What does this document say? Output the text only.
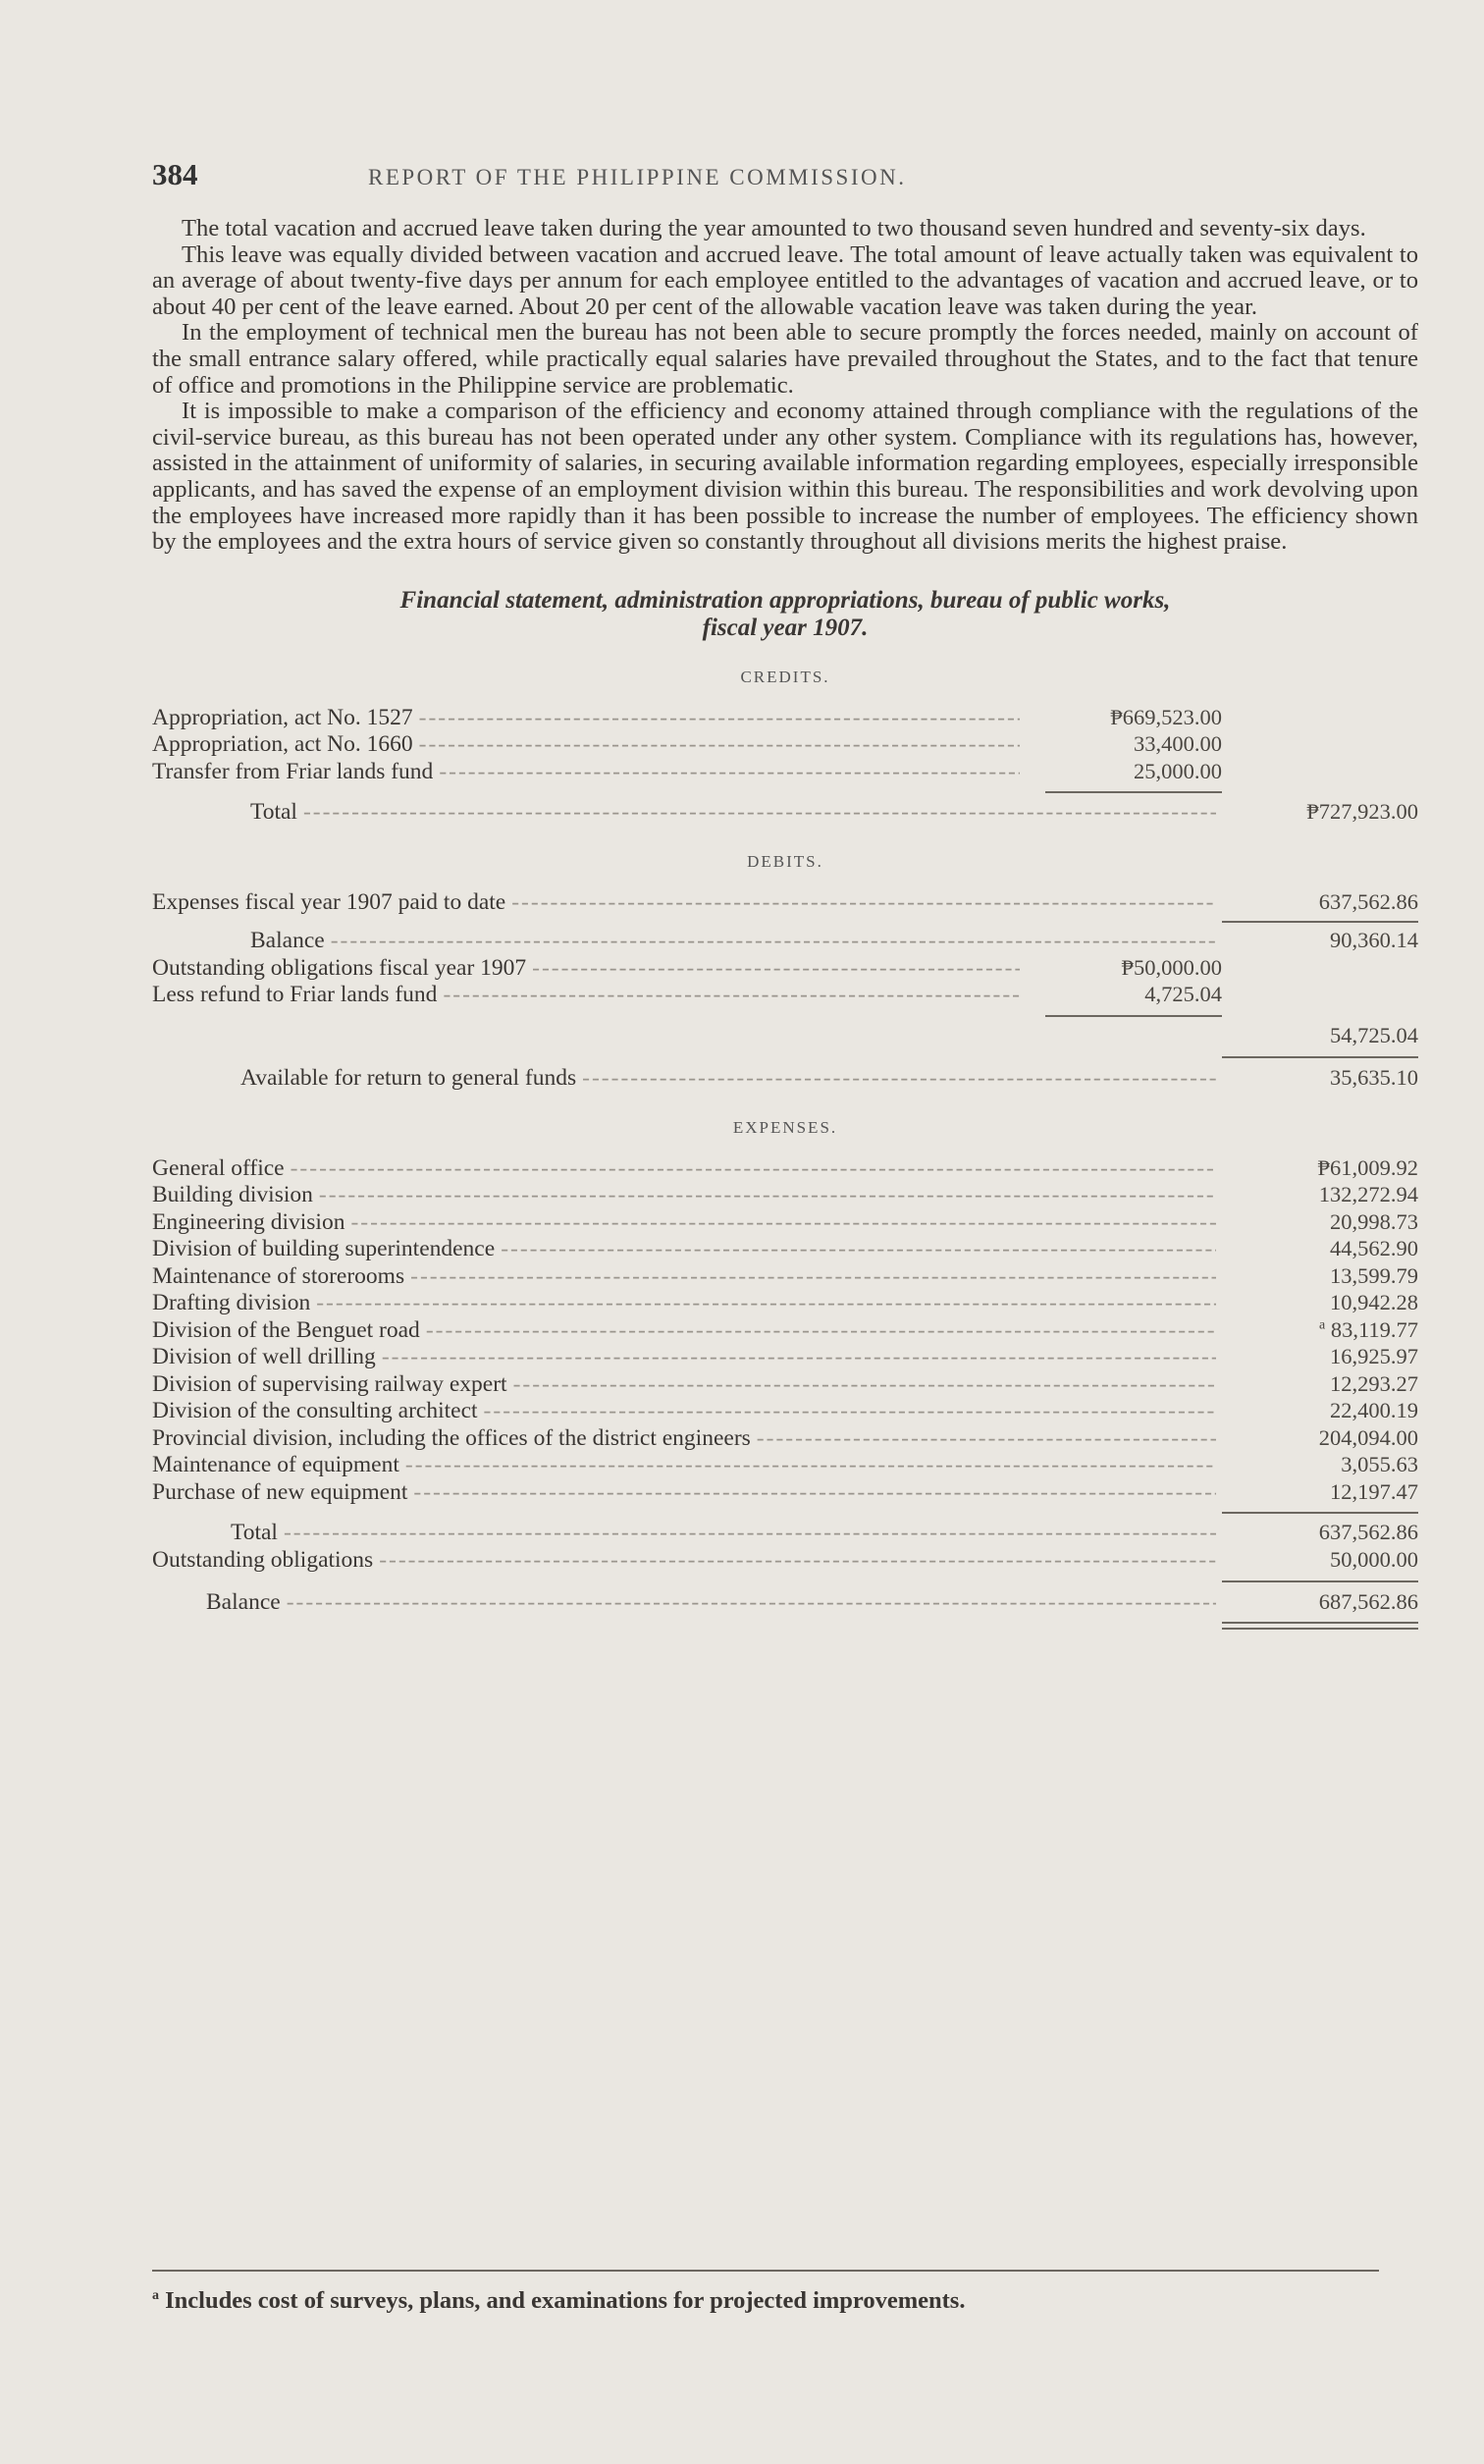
384	REPORT OF THE PHILIPPINE COMMISSION.

The total vacation and accrued leave taken during the year amounted to two thousand seven hundred and seventy-six days.

This leave was equally divided between vacation and accrued leave. The total amount of leave actually taken was equivalent to an average of about twenty-five days per annum for each employee entitled to the advantages of vacation and accrued leave, or to about 40 per cent of the leave earned. About 20 per cent of the allowable vacation leave was taken during the year.

In the employment of technical men the bureau has not been able to secure promptly the forces needed, mainly on account of the small entrance salary offered, while practically equal salaries have prevailed throughout the States, and to the fact that tenure of office and promotions in the Philippine service are problematic.

It is impossible to make a comparison of the efficiency and economy attained through compliance with the regulations of the civil-service bureau, as this bureau has not been operated under any other system. Compliance with its regulations has, however, assisted in the attainment of uniformity of salaries, in securing available information regarding employees, especially irresponsible applicants, and has saved the expense of an employment division within this bureau. The responsibilities and work devolving upon the employees have increased more rapidly than it has been possible to increase the number of employees. The efficiency shown by the employees and the extra hours of service given so constantly throughout all divisions merits the highest praise.

Financial statement, administration appropriations, bureau of public works,
fiscal year 1907.
CREDITS.
Appropriation, act No. 1527 -----	₱669,523.00
Appropriation, act No. 1660 -----	33,400.00
Transfer from Friar lands fund -----	25,000.00
Total -----	₱727,923.00
DEBITS.
Expenses fiscal year 1907 paid to date -----	637,562.86
Balance -----	90,360.14
Outstanding obligations fiscal year 1907 -----	₱50,000.00
Less refund to Friar lands fund -----	4,725.04
54,725.04
Available for return to general funds -----	35,635.10
EXPENSES.
General office -----	₱61,009.92
Building division -----	132,272.94
Engineering division -----	20,998.73
Division of building superintendence -----	44,562.90
Maintenance of storerooms -----	13,599.79
Drafting division -----	10,942.28
Division of the Benguet road -----	$^a$ 83,119.77
Division of well drilling -----	16,925.97
Division of supervising railway expert -----	12,293.27
Division of the consulting architect -----	22,400.19
Provincial division, including the offices of the district engineers -----	204,094.00
Maintenance of equipment -----	3,055.63
Purchase of new equipment -----	12,197.47
Total -----	637,562.86
Outstanding obligations -----	50,000.00
Balance -----	687,562.86
$^a$ Includes cost of surveys, plans, and examinations for projected improvements.
